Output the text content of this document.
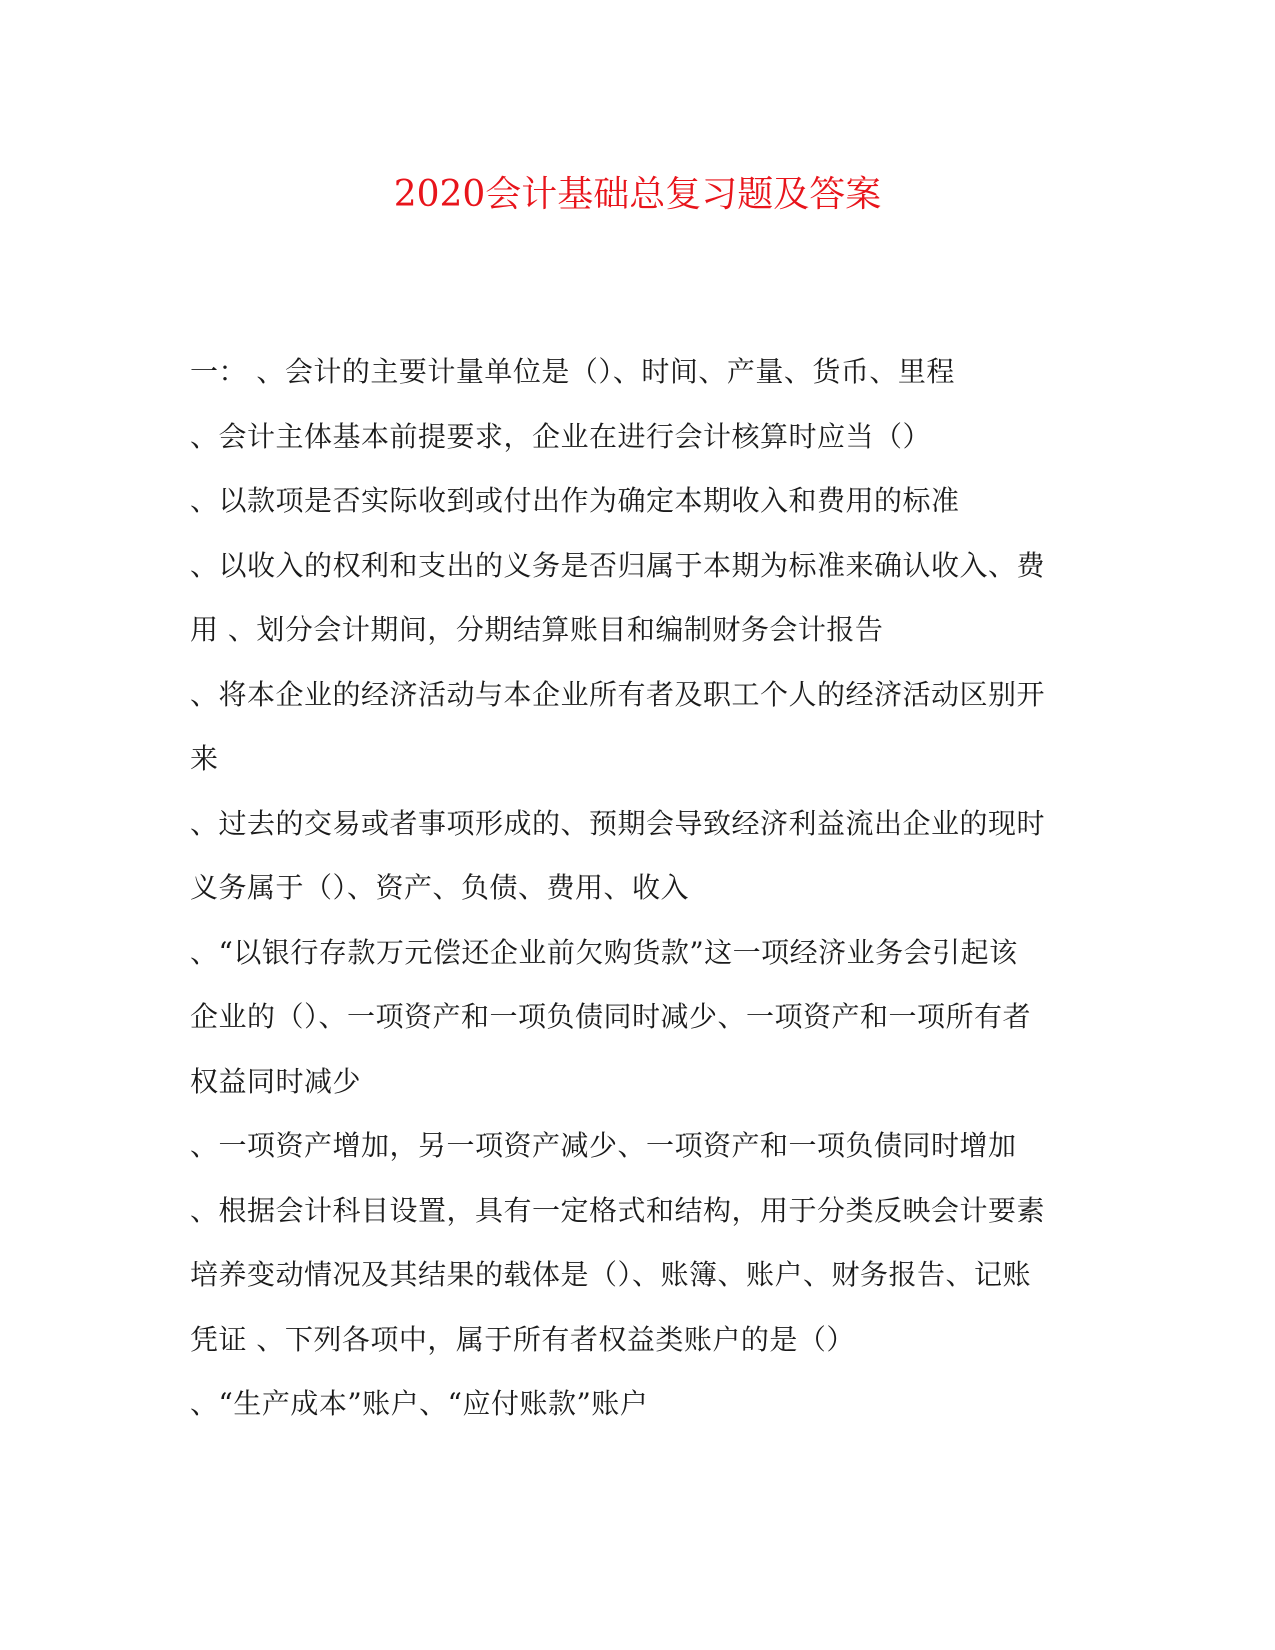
2020会计基础总复习题及答案
一： 、会计的主要计量单位是（）、时间、产量、货币、里程
、会计主体基本前提要求，企业在进行会计核算时应当（）
、以款项是否实际收到或付出作为确定本期收入和费用的标准
、以收入的权利和支出的义务是否归属于本期为标准来确认收入、费
用 、划分会计期间，分期结算账目和编制财务会计报告
、将本企业的经济活动与本企业所有者及职工个人的经济活动区别开
来
、过去的交易或者事项形成的、预期会导致经济利益流出企业的现时
义务属于（）、资产、负债、费用、收入
、“以银行存款万元偿还企业前欠购货款”这一项经济业务会引起该
企业的（）、一项资产和一项负债同时减少、一项资产和一项所有者
权益同时减少
、一项资产增加，另一项资产减少、一项资产和一项负债同时增加
、根据会计科目设置，具有一定格式和结构，用于分类反映会计要素
培养变动情况及其结果的载体是（）、账簿、账户、财务报告、记账
凭证 、下列各项中，属于所有者权益类账户的是（）
、“生产成本”账户、“应付账款”账户
